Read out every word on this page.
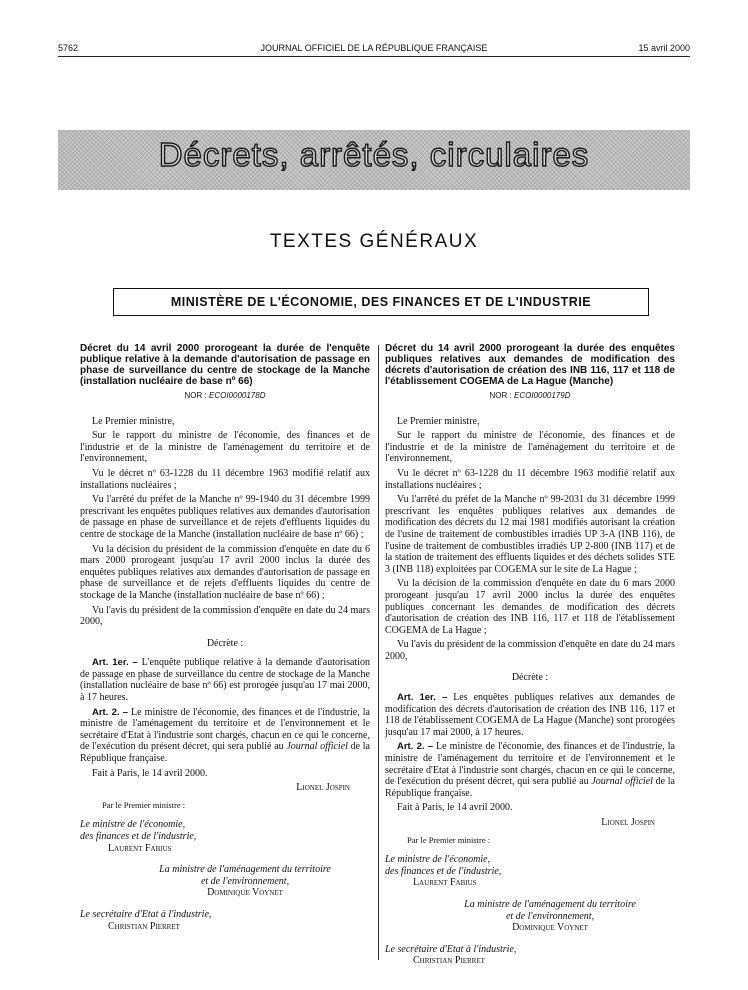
5762	JOURNAL OFFICIEL DE LA RÉPUBLIQUE FRANÇAISE	15 avril 2000
Décrets, arrêtés, circulaires
TEXTES GÉNÉRAUX
MINISTÈRE DE L'ÉCONOMIE, DES FINANCES ET DE L'INDUSTRIE

Décret du 14 avril 2000 prorogeant la durée de l'enquête publique relative à la demande d'autorisation de passage en phase de surveillance du centre de stockage de la Manche (installation nucléaire de base nº 66)

NOR : ECOI0000178D

Le Premier ministre,

Sur le rapport du ministre de l'économie, des finances et de l'industrie et de la ministre de l'aménagement du territoire et de l'environnement,

Vu le décret nº 63-1228 du 11 décembre 1963 modifié relatif aux installations nucléaires ;

Vu l'arrêté du préfet de la Manche nº 99-1940 du 31 décembre 1999 prescrivant les enquêtes publiques relatives aux demandes d'autorisation de passage en phase de surveillance et de rejets d'effluents liquides du centre de stockage de la Manche (installation nucléaire de base nº 66) ;

Vu la décision du président de la commission d'enquête en date du 6 mars 2000 prorogeant jusqu'au 17 avril 2000 inclus la durée des enquêtes publiques relatives aux demandes d'autorisation de passage en phase de surveillance et de rejets d'effluents liquides du centre de stockage de la Manche (installation nucléaire de base nº 66) ;

Vu l'avis du président de la commission d'enquête en date du 24 mars 2000,

Décrète :

Art. 1er. – L'enquête publique relative à la demande d'autorisation de passage en phase de surveillance du centre de stockage de la Manche (installation nucléaire de base nº 66) est prorogée jusqu'au 17 mai 2000, à 17 heures.

Art. 2. – Le ministre de l'économie, des finances et de l'industrie, la ministre de l'aménagement du territoire et de l'environnement et le secrétaire d'Etat à l'industrie sont chargés, chacun en ce qui le concerne, de l'exécution du présent décret, qui sera publié au Journal officiel de la République française.

Fait à Paris, le 14 avril 2000.

Lionel Jospin
Par le Premier ministre :
Le ministre de l'économie,
des finances et de l'industrie,
Laurent Fabius
La ministre de l'aménagement du territoire
et de l'environnement,
Dominique Voynet
Le secrétaire d'Etat à l'industrie,
Christian Pierret

Décret du 14 avril 2000 prorogeant la durée des enquêtes publiques relatives aux demandes de modification des décrets d'autorisation de création des INB 116, 117 et 118 de l'établissement COGEMA de La Hague (Manche)

NOR : ECOI0000179D

Le Premier ministre,

Sur le rapport du ministre de l'économie, des finances et de l'industrie et de la ministre de l'aménagement du territoire et de l'environnement,

Vu le décret nº 63-1228 du 11 décembre 1963 modifié relatif aux installations nucléaires ;

Vu l'arrêté du préfet de la Manche nº 99-2031 du 31 décembre 1999 prescrivant les enquêtes publiques relatives aux demandes de modification des décrets du 12 mai 1981 modifiés autorisant la création de l'usine de traitement de combustibles irradiés UP 3-A (INB 116), de l'usine de traitement de combustibles irradiés UP 2-800 (INB 117) et de la station de traitement des effluents liquides et des déchets solides STE 3 (INB 118) exploitées par COGEMA sur le site de La Hague ;

Vu la décision de la commission d'enquête en date du 6 mars 2000 prorogeant jusqu'au 17 avril 2000 inclus la durée des enquêtes publiques concernant les demandes de modification des décrets d'autorisation de création des INB 116, 117 et 118 de l'établissement COGEMA de La Hague ;

Vu l'avis du président de la commission d'enquête en date du 24 mars 2000,

Décrète :

Art. 1er. – Les enquêtes publiques relatives aux demandes de modification des décrets d'autorisation de création des INB 116, 117 et 118 de l'établissement COGEMA de La Hague (Manche) sont prorogées jusqu'au 17 mai 2000, à 17 heures.

Art. 2. – Le ministre de l'économie, des finances et de l'industrie, la ministre de l'aménagement du territoire et de l'environnement et le secrétaire d'Etat à l'industrie sont chargés, chacun en ce qui le concerne, de l'exécution du présent décret, qui sera publié au Journal officiel de la République française.

Fait à Paris, le 14 avril 2000.

Lionel Jospin
Par le Premier ministre :
Le ministre de l'économie,
des finances et de l'industrie,
Laurent Fabius
La ministre de l'aménagement du territoire
et de l'environnement,
Dominique Voynet
Le secrétaire d'Etat à l'industrie,
Christian Pierret
